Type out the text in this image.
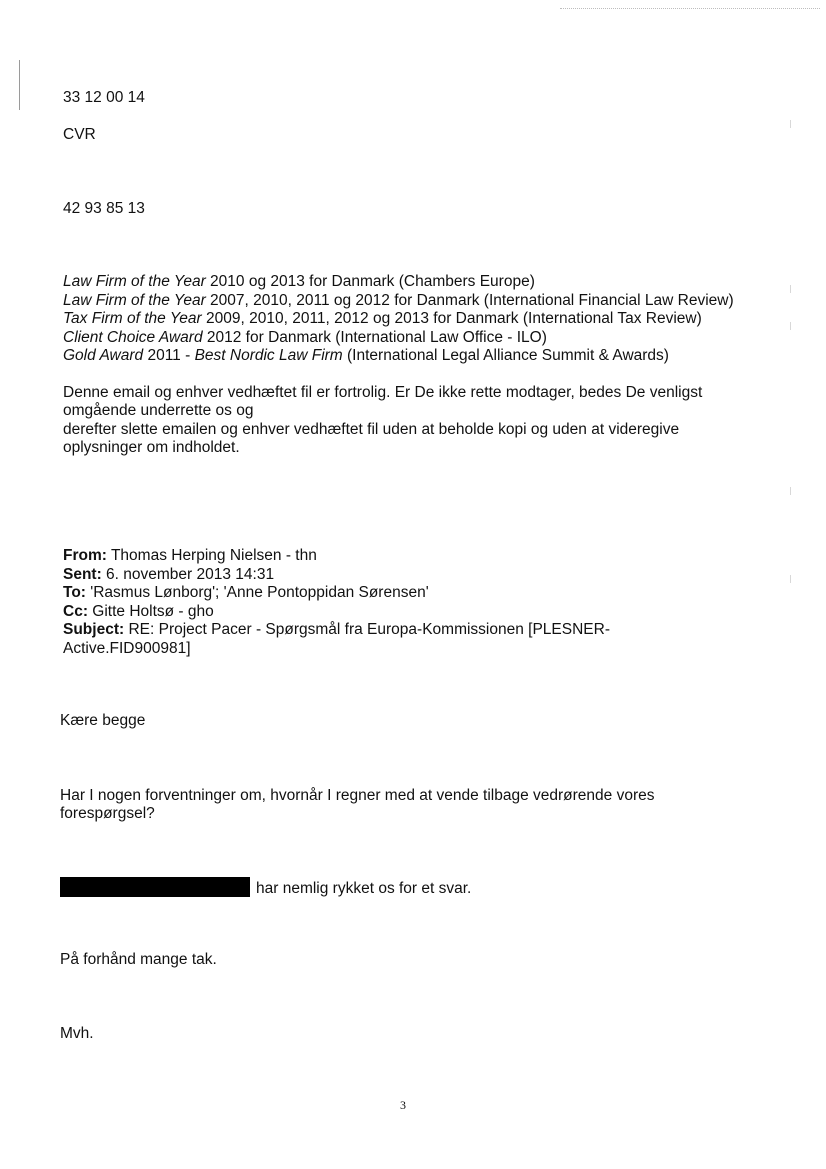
33 12 00 14
CVR
42 93 85 13
Law Firm of the Year 2010 og 2013 for Danmark (Chambers Europe)
Law Firm of the Year 2007, 2010, 2011 og 2012 for Danmark (International Financial Law Review)
Tax Firm of the Year 2009, 2010, 2011, 2012 og 2013 for Danmark (International Tax Review)
Client Choice Award 2012 for Danmark (International Law Office - ILO)
Gold Award 2011 - Best Nordic Law Firm (International Legal Alliance Summit & Awards)
Denne email og enhver vedhæftet fil er fortrolig. Er De ikke rette modtager, bedes De venligst
omgående underrette os og
derefter slette emailen og enhver vedhæftet fil uden at beholde kopi og uden at videregive
oplysninger om indholdet.
From: Thomas Herping Nielsen - thn
Sent: 6. november 2013 14:31
To: 'Rasmus Lønborg'; 'Anne Pontoppidan Sørensen'
Cc: Gitte Holtsø - gho
Subject: RE: Project Pacer - Spørgsmål fra Europa-Kommissionen [PLESNER-
Active.FID900981]
Kære begge
Har I nogen forventninger om, hvornår I regner med at vende tilbage vedrørende vores
forespørgsel?
har nemlig rykket os for et svar.
På forhånd mange tak.
Mvh.
3
